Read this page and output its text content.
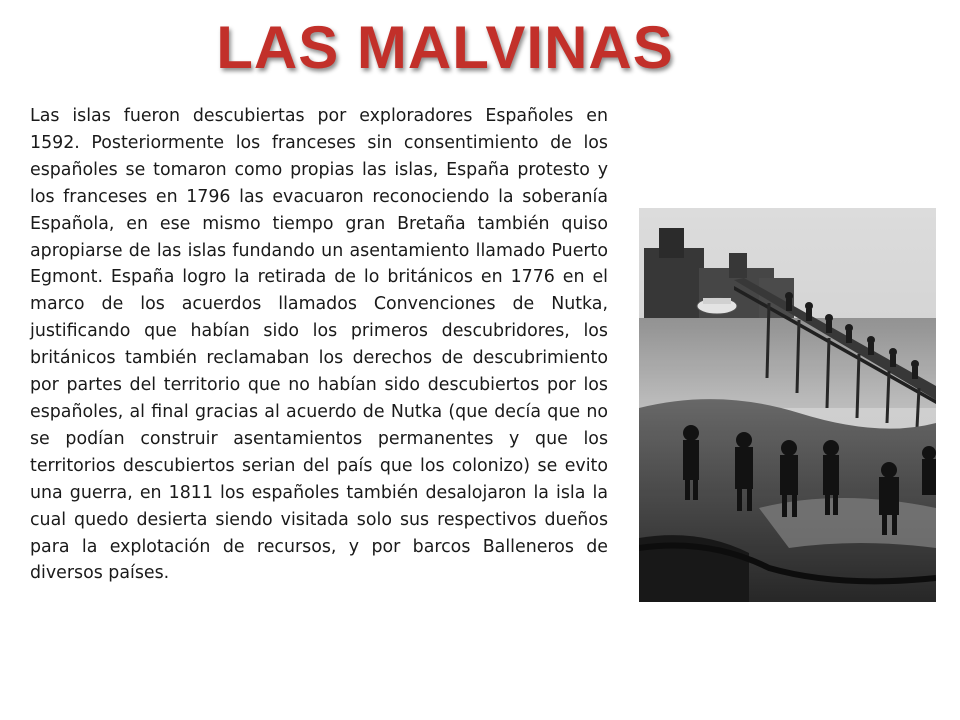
LAS MALVINAS

Las islas fueron descubiertas por exploradores Españoles en 1592. Posteriormente los franceses sin consentimiento de los españoles se tomaron como propias las islas, España protesto y los franceses en 1796 las evacuaron reconociendo la soberanía Española, en ese mismo tiempo gran Bretaña también quiso apropiarse de las islas fundando un asentamiento llamado Puerto Egmont. España logro la retirada de lo británicos en 1776 en el marco de los acuerdos llamados Convenciones de Nutka, justificando que habían sido los primeros descubridores, los británicos también reclamaban los derechos de descubrimiento por partes del territorio que no habían sido descubiertos por los españoles, al final gracias al acuerdo de Nutka (que decía que no se podían construir asentamientos permanentes y que los territorios descubiertos serian del país que los colonizo) se evito una guerra, en 1811 los españoles también desalojaron la isla la cual quedo desierta siendo visitada solo sus respectivos dueños para la explotación de recursos, y por barcos Balleneros de diversos países.
